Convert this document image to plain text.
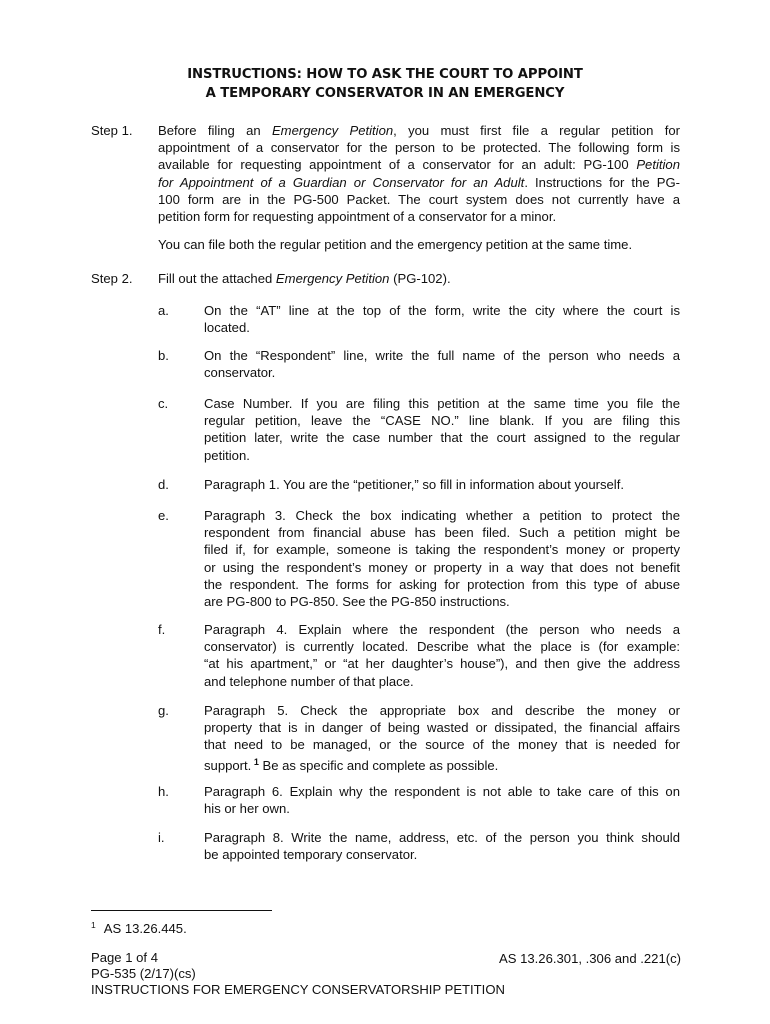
INSTRUCTIONS: HOW TO ASK THE COURT TO APPOINT
A TEMPORARY CONSERVATOR IN AN EMERGENCY
Step 1. Before filing an Emergency Petition, you must first file a regular petition for
appointment of a conservator for the person to be protected. The following form is
available for requesting appointment of a conservator for an adult: PG-100 Petition
for Appointment of a Guardian or Conservator for an Adult. Instructions for the PG-
100 form are in the PG-500 Packet. The court system does not currently have a
petition form for requesting appointment of a conservator for a minor.
You can file both the regular petition and the emergency petition at the same time.
Step 2. Fill out the attached Emergency Petition (PG-102).
a.	On the “AT” line at the top of the form, write the city where the court is
located.
b.	On the “Respondent” line, write the full name of the person who needs a
conservator.
c.	Case Number. If you are filing this petition at the same time you file the
regular petition, leave the “CASE NO.” line blank. If you are filing this
petition later, write the case number that the court assigned to the regular
petition.
d.	Paragraph 1. You are the “petitioner,” so fill in information about yourself.
e.	Paragraph 3. Check the box indicating whether a petition to protect the
respondent from financial abuse has been filed. Such a petition might be
filed if, for example, someone is taking the respondent’s money or property
or using the respondent’s money or property in a way that does not benefit
the respondent. The forms for asking for protection from this type of abuse
are PG-800 to PG-850. See the PG-850 instructions.
f.	Paragraph 4. Explain where the respondent (the person who needs a
conservator) is currently located. Describe what the place is (for example:
“at his apartment,” or “at her daughter’s house”), and then give the address
and telephone number of that place.
g.	Paragraph 5. Check the appropriate box and describe the money or
property that is in danger of being wasted or dissipated, the financial affairs
that need to be managed, or the source of the money that is needed for
support. $^1$ Be as specific and complete as possible.
h.	Paragraph 6. Explain why the respondent is not able to take care of this on
his or her own.
i.	Paragraph 8. Write the name, address, etc. of the person you think should
be appointed temporary conservator.
$^1$ AS 13.26.445.
Page 1 of 4
PG-535 (2/17)(cs)
INSTRUCTIONS FOR EMERGENCY CONSERVATORSHIP PETITION
AS 13.26.301, .306 and .221(c)
